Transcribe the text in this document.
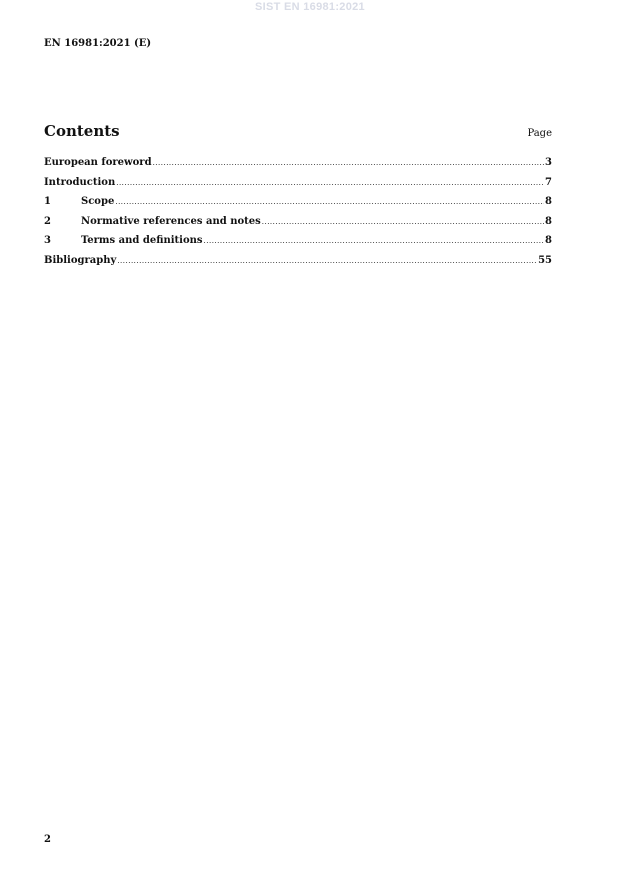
SIST EN 16981:2021
EN 16981:2021 (E)
Contents	Page
European foreword .....	3
Introduction .....	7
1	Scope .....	8
2	Normative references and notes .....	8
3	Terms and definitions .....	8
Bibliography .....	55
2
